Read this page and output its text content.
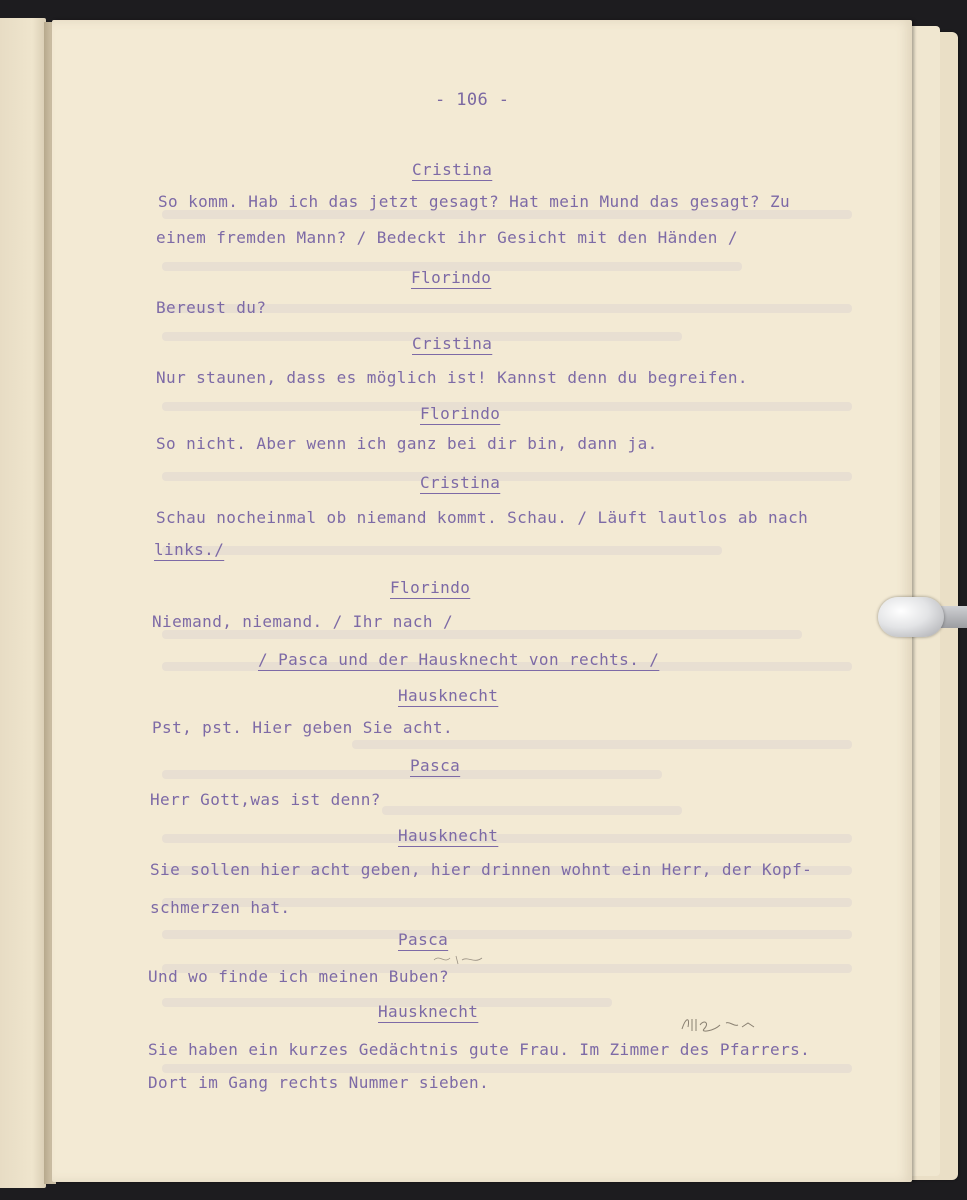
- 106 -

Cristina

So komm. Hab ich das jetzt gesagt? Hat mein Mund das gesagt? Zu

einem fremden Mann? / Bedeckt ihr Gesicht mit den Händen /

Florindo

Bereust du?

Cristina

Nur staunen, dass es möglich ist! Kannst denn du begreifen.

Florindo

So nicht. Aber wenn ich ganz bei dir bin, dann ja.

Cristina

Schau nocheinmal ob niemand kommt. Schau. / Läuft lautlos ab nach

links./

Florindo

Niemand, niemand. / Ihr nach /

/ Pasca und der Hausknecht von rechts. /

Hausknecht

Pst, pst. Hier geben Sie acht.

Pasca

Herr Gott,was ist denn?

Hausknecht

Sie sollen hier acht geben, hier drinnen wohnt ein Herr, der Kopf-

schmerzen hat.

Pasca

Und wo finde ich meinen Buben?

Hausknecht

Sie haben ein kurzes Gedächtnis gute Frau. Im Zimmer des Pfarrers.

Dort im Gang rechts Nummer sieben.
